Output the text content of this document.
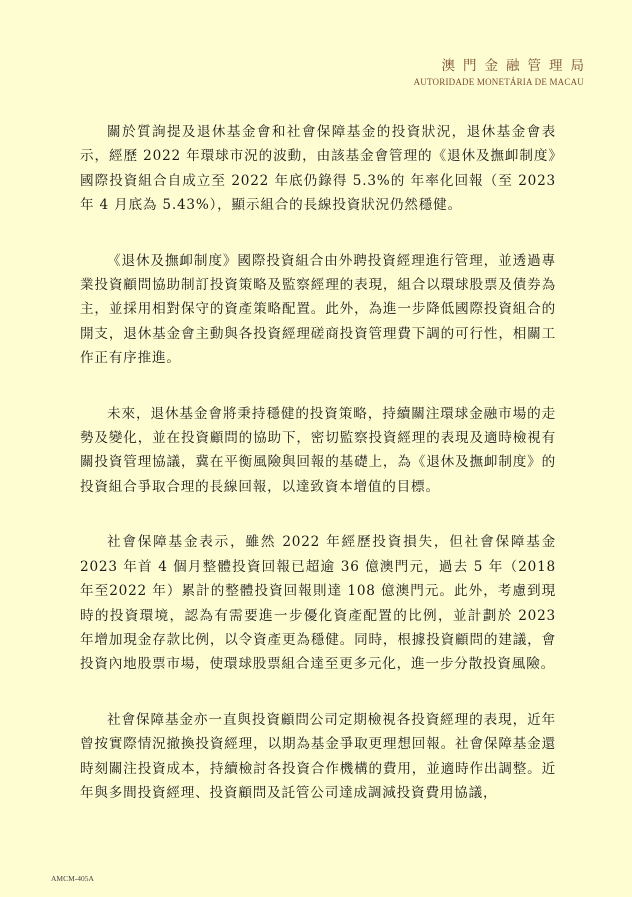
澳門金融管理局
AUTORIDADE MONETÁRIA DE MACAU

關於質詢提及退休基金會和社會保障基金的投資狀況，退休基金會表示，經歷 2022 年環球市況的波動，由該基金會管理的《退休及撫卹制度》國際投資組合自成立至 2022 年底仍錄得 5.3%的 年率化回報（至 2023 年 4 月底為 5.43%），顯示組合的長線投資狀況仍然穩健。

《退休及撫卹制度》國際投資組合由外聘投資經理進行管理，並透過專業投資顧問協助制訂投資策略及監察經理的表現，組合以環球股票及債券為主，並採用相對保守的資產策略配置。此外，為進一步降低國際投資組合的開支，退休基金會主動與各投資經理磋商投資管理費下調的可行性，相關工作正有序推進。

未來，退休基金會將秉持穩健的投資策略，持續關注環球金融市場的走勢及變化，並在投資顧問的協助下，密切監察投資經理的表現及適時檢視有關投資管理協議，冀在平衡風險與回報的基礎上，為《退休及撫卹制度》的投資組合爭取合理的長線回報，以達致資本增值的目標。

社會保障基金表示，雖然 2022 年經歷投資損失，但社會保障基金2023 年首 4 個月整體投資回報已超逾 36 億澳門元，過去 5 年（2018 年至2022 年）累計的整體投資回報則達 108 億澳門元。此外，考慮到現時的投資環境，認為有需要進一步優化資產配置的比例，並計劃於 2023 年增加現金存款比例，以令資產更為穩健。同時，根據投資顧問的建議，會投資內地股票市場，使環球股票組合達至更多元化，進一步分散投資風險。

社會保障基金亦一直與投資顧問公司定期檢視各投資經理的表現，近年曾按實際情況撤換投資經理，以期為基金爭取更理想回報。社會保障基金還時刻關注投資成本，持續檢討各投資合作機構的費用，並適時作出調整。近年與多間投資經理、投資顧問及託管公司達成調減投資費用協議，

AMCM-405A
